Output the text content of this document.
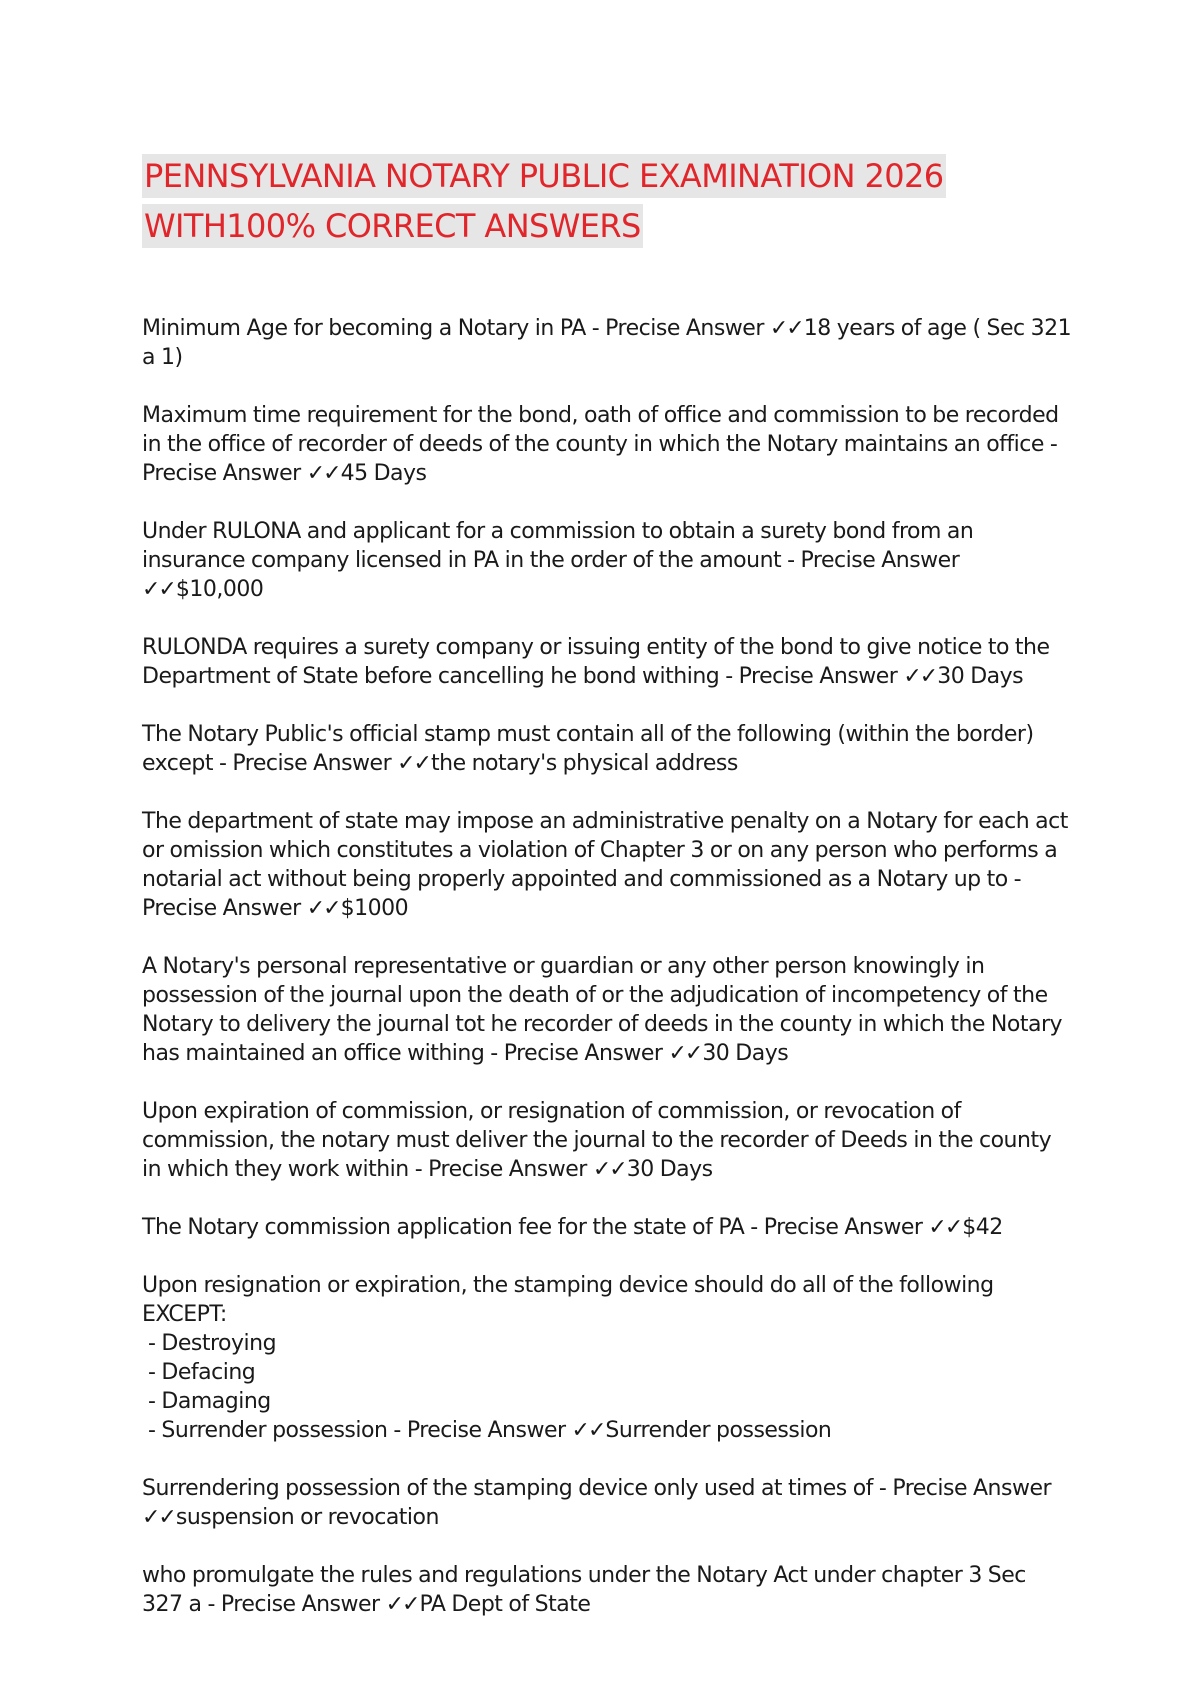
PENNSYLVANIA NOTARY PUBLIC EXAMINATION 2026
WITH100% CORRECT ANSWERS

Minimum Age for becoming a Notary in PA - Precise Answer ✓✓18 years of age ( Sec 321 a 1)

Maximum time requirement for the bond, oath of office and commission to be recorded in the office of recorder of deeds of the county in which the Notary maintains an office - Precise Answer ✓✓45 Days

Under RULONA and applicant for a commission to obtain a surety bond from an insurance company licensed in PA in the order of the amount - Precise Answer ✓✓$10,000

RULONDA requires a surety company or issuing entity of the bond to give notice to the Department of State before cancelling he bond withing - Precise Answer ✓✓30 Days

The Notary Public's official stamp must contain all of the following (within the border) except - Precise Answer ✓✓the notary's physical address

The department of state may impose an administrative penalty on a Notary for each act or omission which constitutes a violation of Chapter 3 or on any person who performs a notarial act without being properly appointed and commissioned as a Notary up to - Precise Answer ✓✓$1000

A Notary's personal representative or guardian or any other person knowingly in possession of the journal upon the death of or the adjudication of incompetency of the Notary to delivery the journal tot he recorder of deeds in the county in which the Notary has maintained an office withing - Precise Answer ✓✓30 Days

Upon expiration of commission, or resignation of commission, or revocation of commission, the notary must deliver the journal to the recorder of Deeds in the county in which they work within - Precise Answer ✓✓30 Days

The Notary commission application fee for the state of PA - Precise Answer ✓✓$42

Upon resignation or expiration, the stamping device should do all of the following EXCEPT:
- Destroying
- Defacing
- Damaging
- Surrender possession - Precise Answer ✓✓Surrender possession

Surrendering possession of the stamping device only used at times of - Precise Answer ✓✓suspension or revocation

who promulgate the rules and regulations under the Notary Act under chapter 3 Sec 327 a - Precise Answer ✓✓PA Dept of State
